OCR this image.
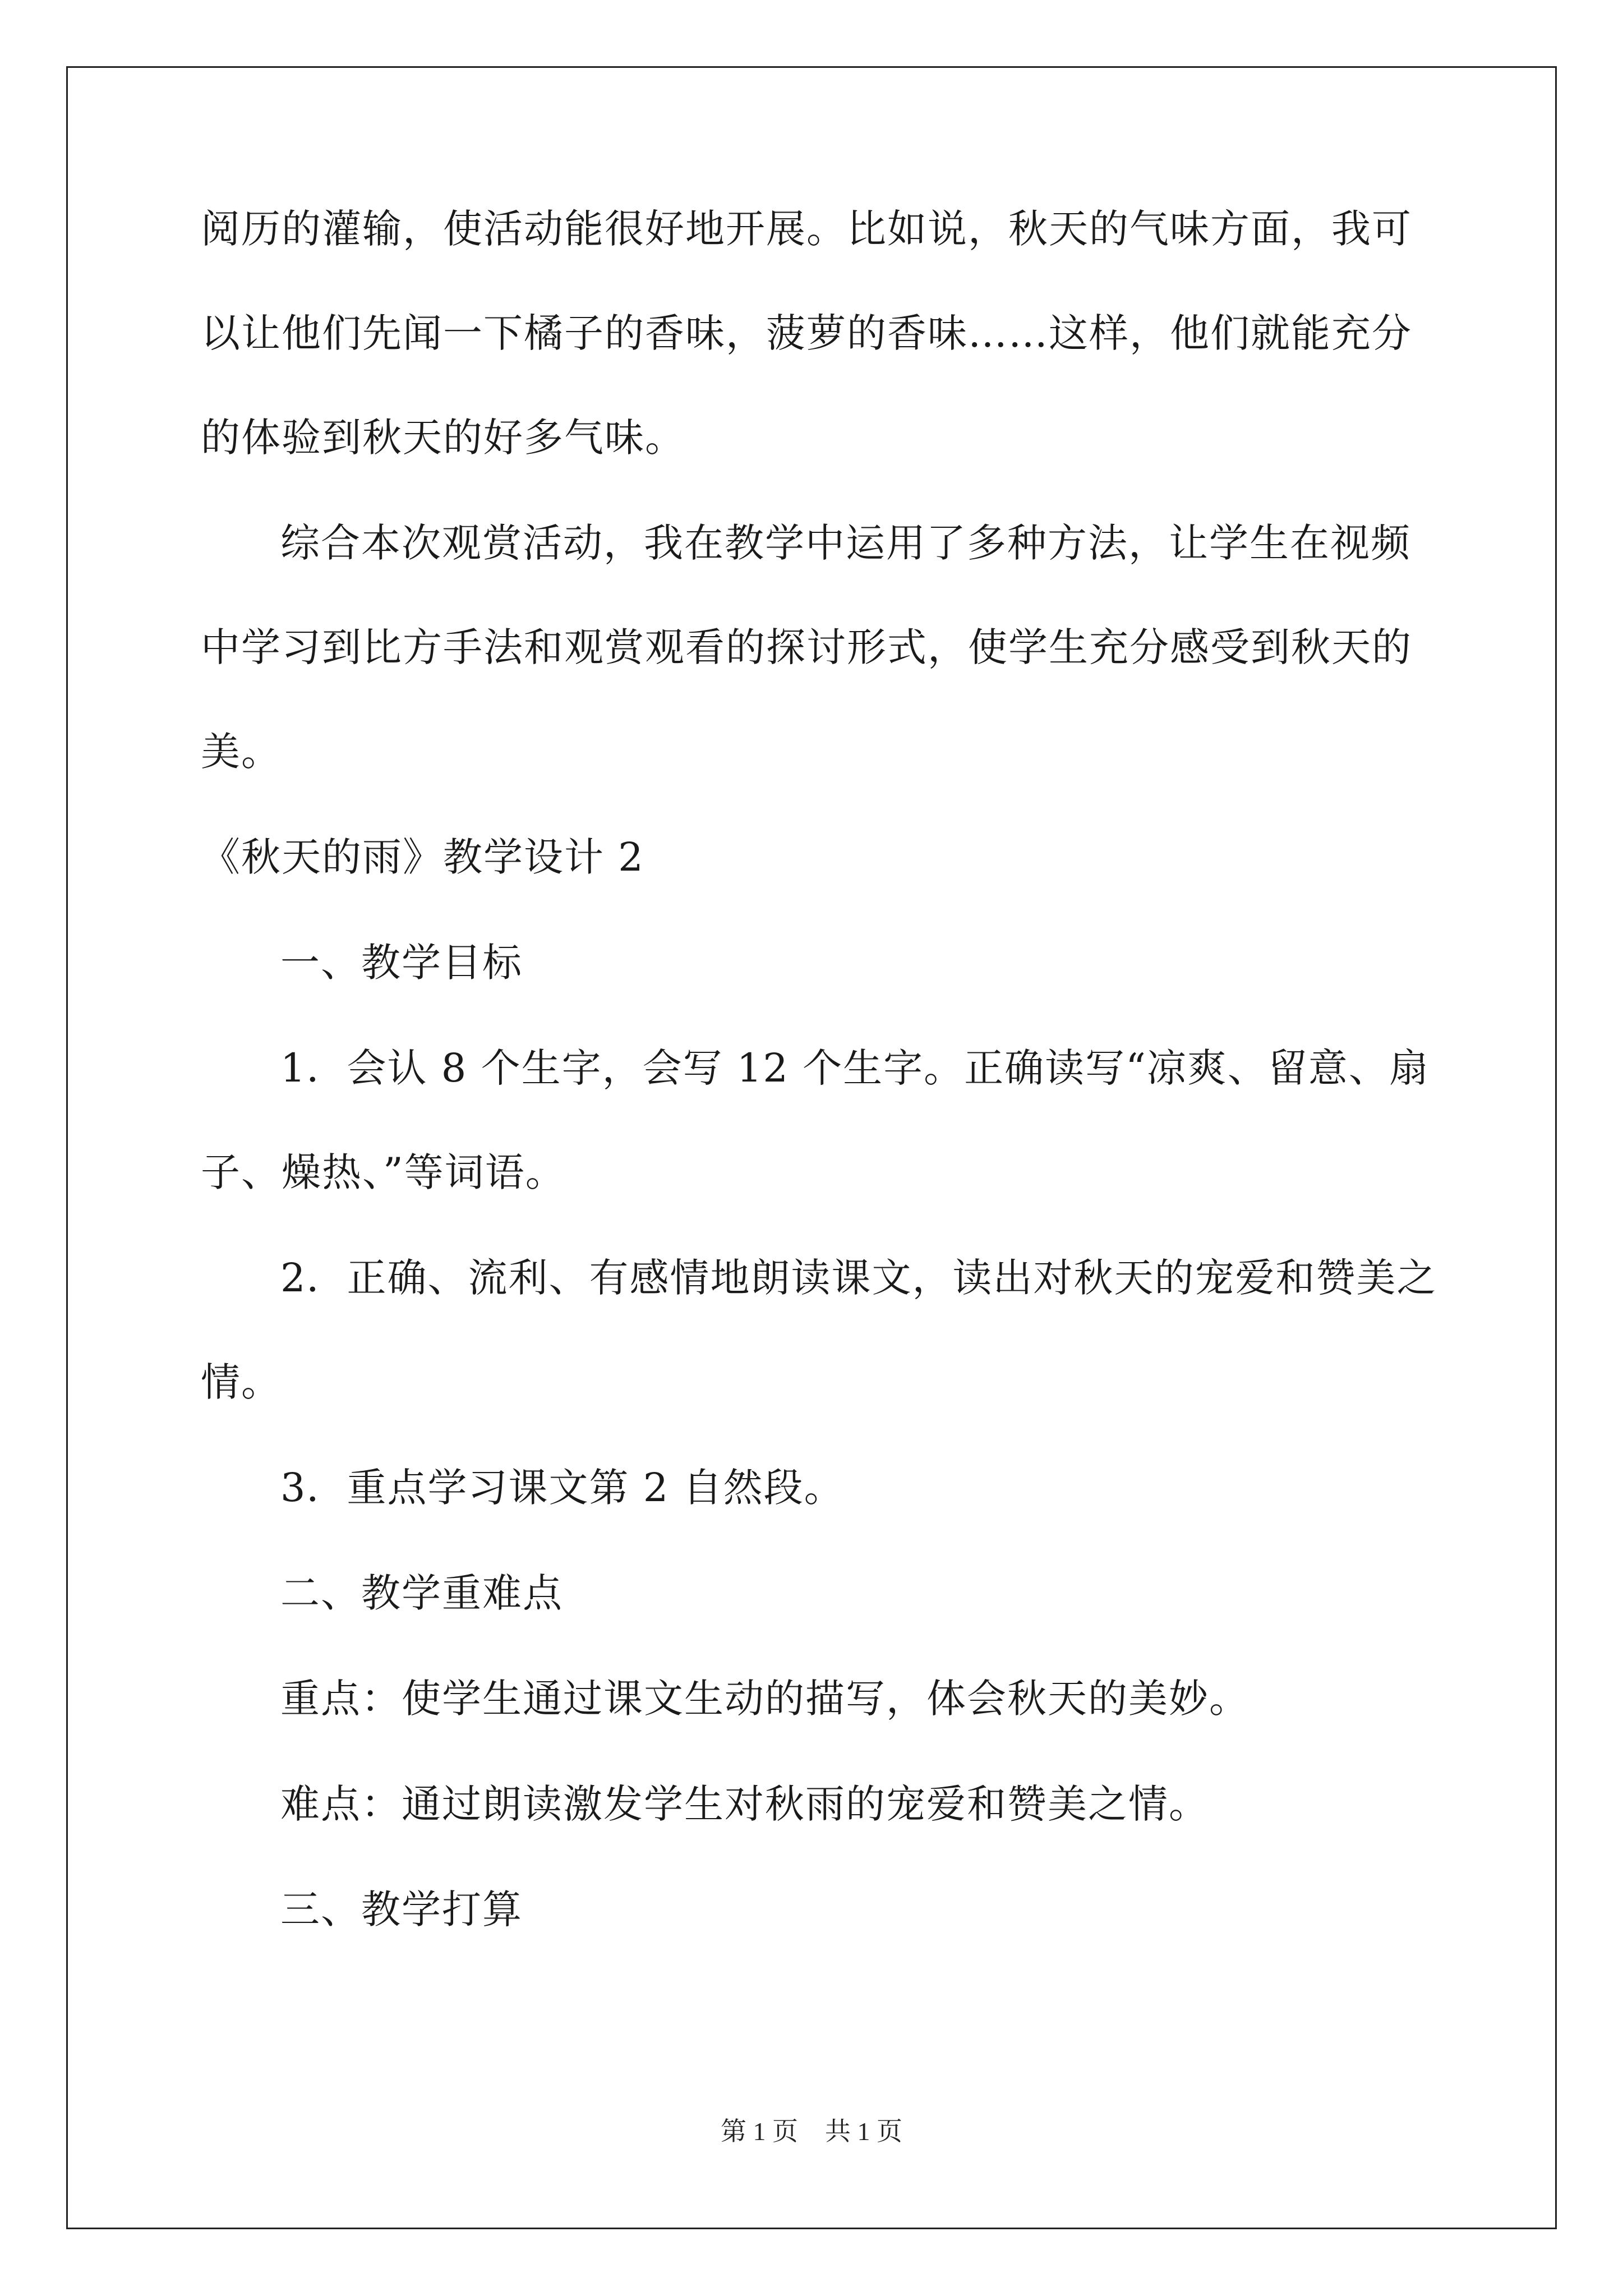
阅历的灌输，使活动能很好地开展。比如说，秋天的气味方面，我可
以让他们先闻一下橘子的香味，菠萝的香味……这样，他们就能充分
的体验到秋天的好多气味。
综合本次观赏活动，我在教学中运用了多种方法，让学生在视频
中学习到比方手法和观赏观看的探讨形式，使学生充分感受到秋天的
美。
《秋天的雨》教学设计 2
一、教学目标
1．会认 8 个生字，会写 12 个生字。正确读写“凉爽、留意、扇
子、燥热、”等词语。
2．正确、流利、有感情地朗读课文，读出对秋天的宠爱和赞美之
情。
3．重点学习课文第 2 自然段。
二、教学重难点
重点：使学生通过课文生动的描写，体会秋天的美妙。
难点：通过朗读激发学生对秋雨的宠爱和赞美之情。
三、教学打算
第 1 页 共 1 页
